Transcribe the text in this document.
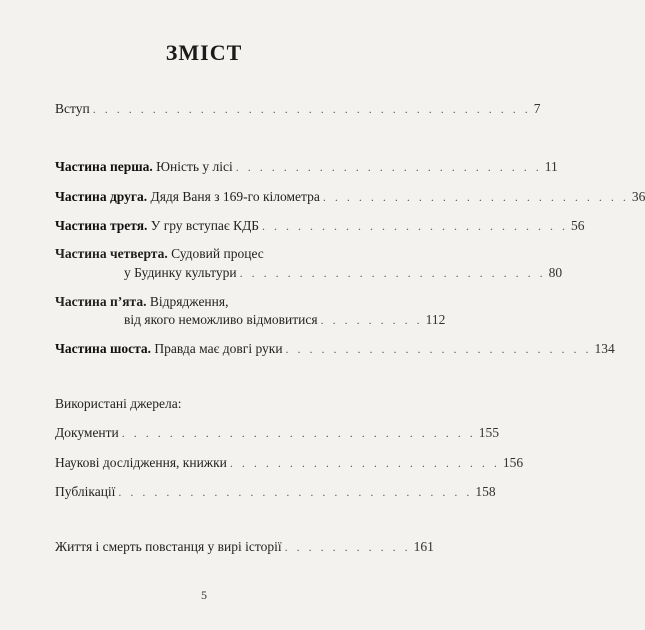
ЗМІСТ
Вступ . . . . . . . . . . . . . . . . . . . . . . . . . . . . . . . . . . . . . 7
Частина перша. Юність у лісі . . . . . . . . . . . . . . . . . . . . . . . . . . 11
Частина друга. Дядя Ваня з 169-го кілометра . . . . . . . . . . . . . . . . . . . . . . . . . . 36
Частина третя. У гру вступає КДБ . . . . . . . . . . . . . . . . . . . . . . . . . . 56
Частина четверта. Судовий процес
у Будинку культури . . . . . . . . . . . . . . . . . . . . . . . . . . 80
Частина п’ята. Відрядження,
від якого неможливо відмовитися . . . . . . . . . 112
Частина шоста. Правда має довгі руки . . . . . . . . . . . . . . . . . . . . . . . . . . 134
Використані джерела:
Документи . . . . . . . . . . . . . . . . . . . . . . . . . . . . . . 155
Наукові дослідження, книжки . . . . . . . . . . . . . . . . . . . . . . . 156
Публікації . . . . . . . . . . . . . . . . . . . . . . . . . . . . . . 158
Життя і смерть повстанця у вирі історії . . . . . . . . . . . 161
5
